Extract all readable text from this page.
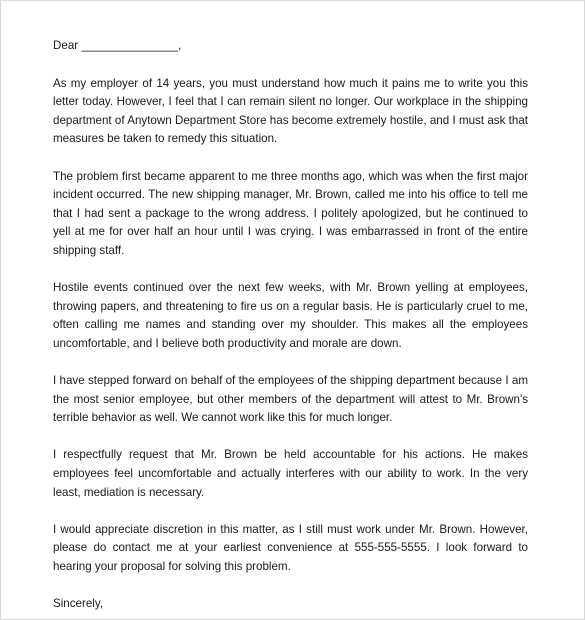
Dear _______________,

As my employer of 14 years, you must understand how much it pains me to write you this letter today. However, I feel that I can remain silent no longer. Our workplace in the shipping department of Anytown Department Store has become extremely hostile, and I must ask that measures be taken to remedy this situation.

The problem first became apparent to me three months ago, which was when the first major incident occurred. The new shipping manager, Mr. Brown, called me into his office to tell me that I had sent a package to the wrong address. I politely apologized, but he continued to yell at me for over half an hour until I was crying. I was embarrassed in front of the entire shipping staff.

Hostile events continued over the next few weeks, with Mr. Brown yelling at employees, throwing papers, and threatening to fire us on a regular basis. He is particularly cruel to me, often calling me names and standing over my shoulder. This makes all the employees uncomfortable, and I believe both productivity and morale are down.

I have stepped forward on behalf of the employees of the shipping department because I am the most senior employee, but other members of the department will attest to Mr. Brown's terrible behavior as well. We cannot work like this for much longer.

I respectfully request that Mr. Brown be held accountable for his actions. He makes employees feel uncomfortable and actually interferes with our ability to work. In the very least, mediation is necessary.

I would appreciate discretion in this matter, as I still must work under Mr. Brown. However, please do contact me at your earliest convenience at 555-555-5555. I look forward to hearing your proposal for solving this problem.

Sincerely,
